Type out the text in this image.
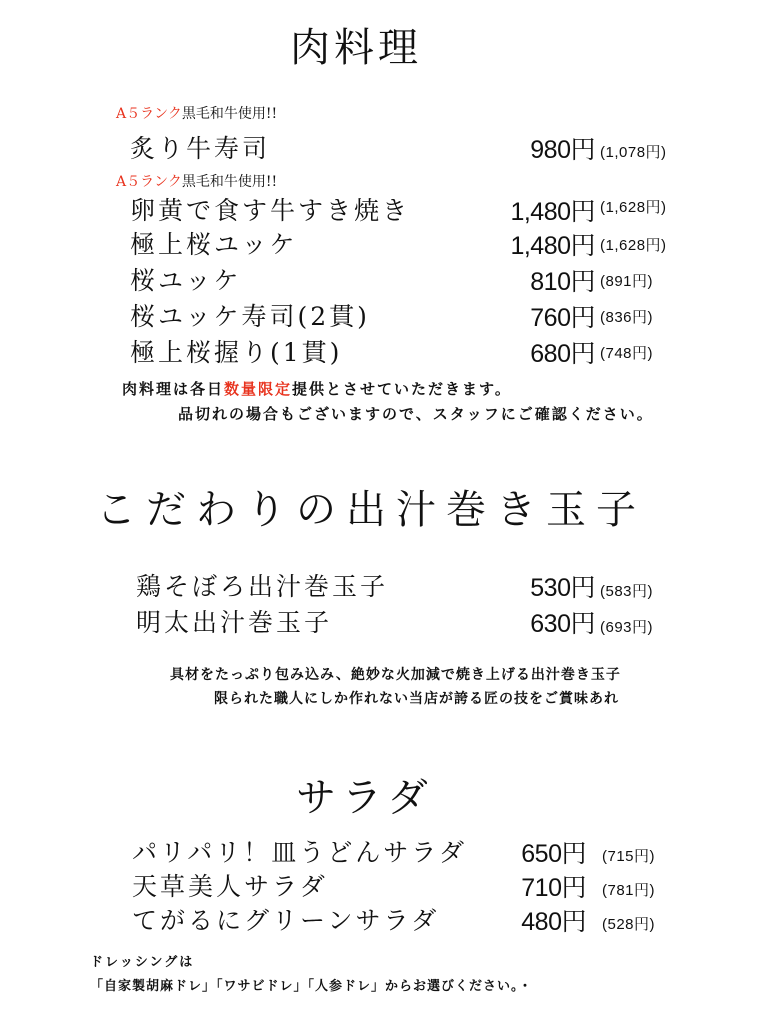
肉料理
A５ランク黒毛和牛使用!!
炙り牛寿司	980円 (1,078円)
A５ランク黒毛和牛使用!!
卵黄で食す牛すき焼き	1,480円 (1,628円)
極上桜ユッケ	1,480円 (1,628円)
桜ユッケ	810円 (891円)
桜ユッケ寿司(2貫)	760円 (836円)
極上桜握り(1貫)	680円 (748円)
肉料理は各日数量限定提供とさせていただきます。
品切れの場合もございますので、スタッフにご確認ください。
こだわりの出汁巻き玉子
鶏そぼろ出汁巻玉子	530円 (583円)
明太出汁巻玉子	630円 (693円)
具材をたっぷり包み込み、絶妙な火加減で焼き上げる出汁巻き玉子
限られた職人にしか作れない当店が誇る匠の技をご賞味あれ
サラダ
パリパリ！皿うどんサラダ	650円 (715円)
天草美人サラダ	710円 (781円)
てがるにグリーンサラダ	480円 (528円)
ドレッシングは
「自家製胡麻ドレ」「ワサビドレ」「人参ドレ」からお選びください。・
